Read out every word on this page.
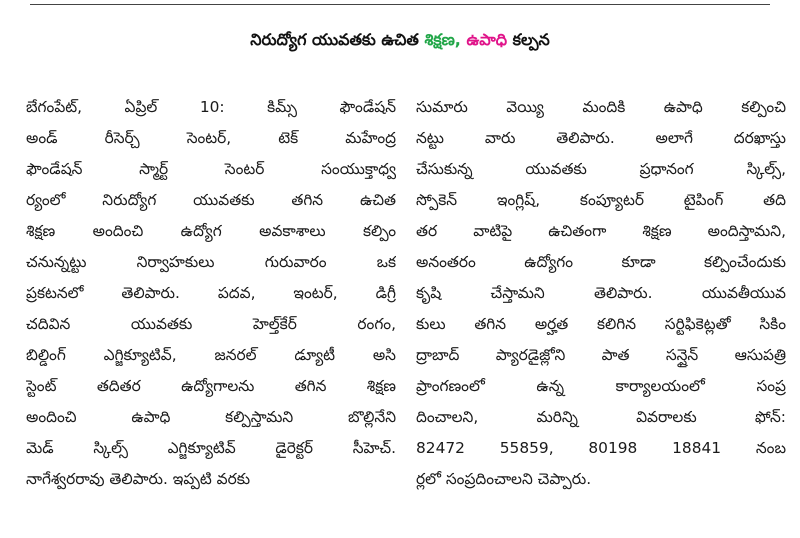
నిరుద్యోగ యువతకు ఉచిత శిక్షణ, ఉపాధి కల్పన
బేగంపేట్, ఏప్రిల్ 10: కిమ్స్ ఫౌండేషన్
అండ్ రీసెర్చ్ సెంటర్, టెక్ మహేంద్ర
ఫౌండేషన్ స్మార్ట్ సెంటర్ సంయుక్తాధ్వ
ర్యంలో నిరుద్యోగ యువతకు తగిన ఉచిత
శిక్షణ అందించి ఉద్యోగ అవకాశాలు కల్పిం
చనున్నట్టు నిర్వాహకులు గురువారం ఒక
ప్రకటనలో తెలిపారు. పదవ, ఇంటర్, డిగ్రీ
చదివిన యువతకు హెల్త్‌కేర్ రంగం,
బిల్డింగ్ ఎగ్జిక్యూటివ్, జనరల్ డ్యూటీ అసి
స్టెంట్ తదితర ఉద్యోగాలను తగిన శిక్షణ
అందించి ఉపాధి కల్పిస్తామని బొల్లినేని
మెడ్ స్కిల్స్ ఎగ్జిక్యూటివ్ డైరెక్టర్ సీహెచ్.
నాగేశ్వరరావు తెలిపారు. ఇప్పటి వరకు
సుమారు వెయ్యి మందికి ఉపాధి కల్పించి
నట్టు వారు తెలిపారు. అలాగే దరఖాస్తు
చేసుకున్న యువతకు ప్రధానంగ స్కిల్స్,
స్పోకెన్ ఇంగ్లిష్, కంప్యూటర్ టైపింగ్ తది
తర వాటిపై ఉచితంగా శిక్షణ అందిస్తామని,
అనంతరం ఉద్యోగం కూడా కల్పించేందుకు
కృషి చేస్తామని తెలిపారు. యువతీయువ
కులు తగిన అర్హత కలిగిన సర్టిఫికెట్లతో సికిం
ద్రాబాద్ ప్యారడైజ్లోని పాత సన్షైన్ ఆసుపత్రి
ప్రాంగణంలో ఉన్న కార్యాలయంలో సంప్ర
దించాలని, మరిన్ని వివరాలకు ఫోన్:
82472 55859, 80198 18841 నంబ
ర్లలో సంప్రదించాలని చెప్పారు.
